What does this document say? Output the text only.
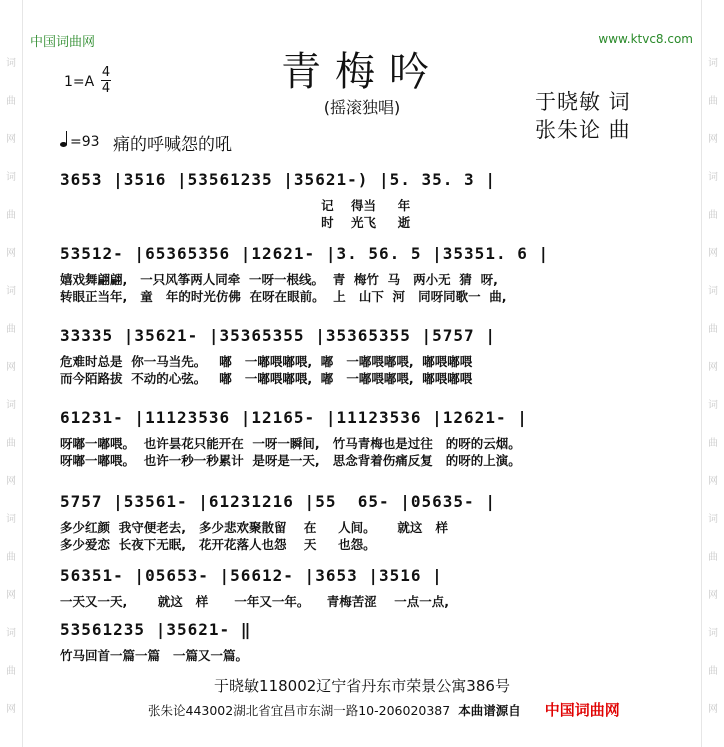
词
曲
网
词
曲
网
词
曲
网
词
曲
网
词
曲
网
词
曲
网
词
曲
网
词
曲
网
词
曲
网
词
曲
网
词
曲
网
词
曲
网
中国词曲网	www.ktvc8.com
青梅吟
(摇滚独唱)
1=A
4
4
于晓敏 词
张朱论 曲
=93 痛的呼喊怨的吼
3653 |3516 |53561235 |35621-) |5. 35. 3 |
记    得当     年
时    光飞     逝
53512- |65365356 |12621- |3. 56. 5 |35351. 6 |
嬉戏舞翩翩,   一只风筝两人同牵  一呀一根线。  青  梅竹  马   两小无  猜  呀,
转眼正当年,   童   年的时光仿佛  在呀在眼前。  上   山下  河   同呀同歌一  曲,
33335 |35621- |35365355 |35365355 |5757 |
危难时总是  你一马当先。   嘟   一嘟喂嘟喂,  嘟   一嘟喂嘟喂,  嘟喂嘟喂
而今陌路拔  不动的心弦。   嘟   一嘟喂嘟喂,  嘟   一嘟喂嘟喂,  嘟喂嘟喂
61231- |11123536 |12165- |11123536 |12621- |
呀嘟一嘟喂。  也许昙花只能开在  一呀一瞬间,   竹马青梅也是过往   的呀的云烟。
呀嘟一嘟喂。  也许一秒一秒累计  是呀是一天,   思念背着伤痛反复   的呀的上演。
5757 |53561- |61231216 |55  65- |05635- |
多少红颜  我守便老去,   多少悲欢聚散留    在     人间。     就这   样
多少爱恋  长夜下无眠,   花开花落人也怨    天     也怨。
56351- |05653- |56612- |3653 |3516 |
一天又一天,       就这   样      一年又一年。    青梅苦涩    一点一点,
53561235 |35621- ‖
竹马回首一篇一篇   一篇又一篇。
于晓敏118002辽宁省丹东市荣景公寓386号
张朱论443002湖北省宜昌市东湖一路10-206020387 本曲谱源自 中国词曲网
